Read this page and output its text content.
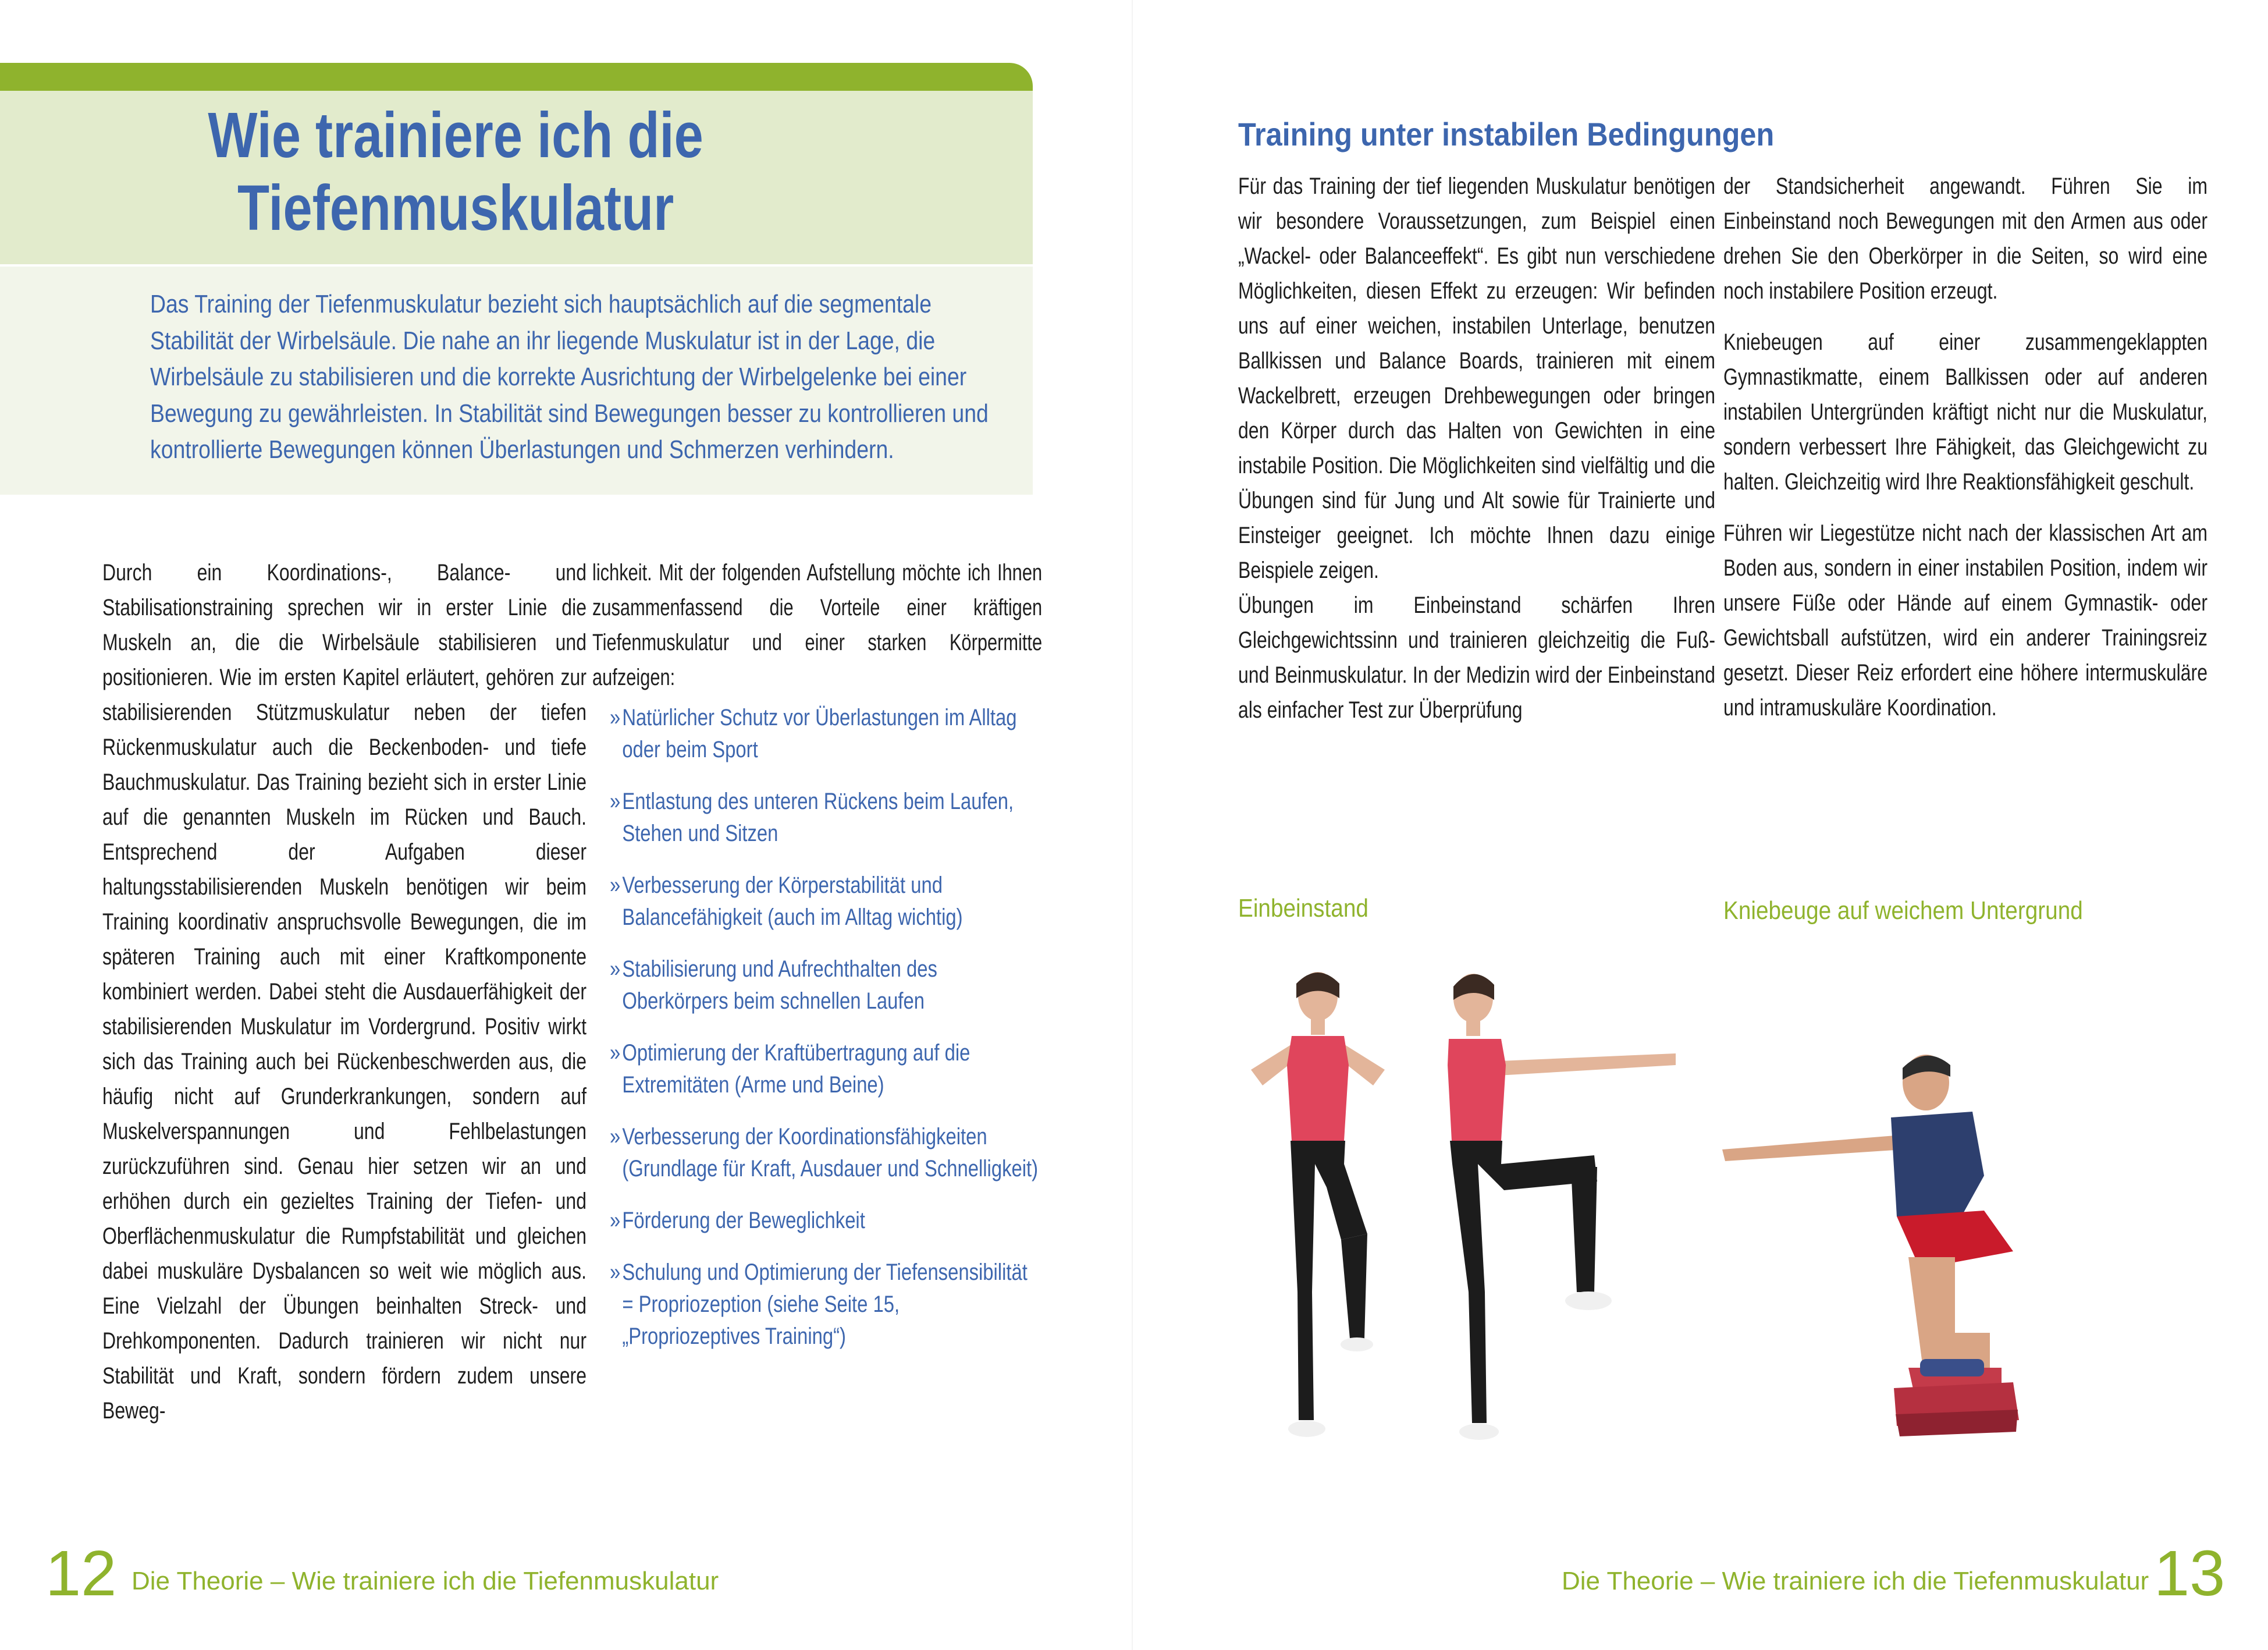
Wie trainiere ich die
Tiefenmuskulatur
Das Training der Tiefenmuskulatur bezieht sich hauptsächlich auf die segmentale Stabilität der Wirbelsäule. Die nahe an ihr liegende Muskulatur ist in der Lage, die Wirbelsäule zu stabilisieren und die korrekte Ausrichtung der Wirbelgelenke bei einer Bewegung zu gewährleisten. In Stabilität sind Bewegungen besser zu kontrollieren und kontrollierte Bewegungen können Überlastungen und Schmerzen verhindern.
Durch ein Koordinations-, Balance- und Stabilisationstraining sprechen wir in erster Linie die Muskeln an, die die Wirbelsäule stabilisieren und positionieren. Wie im ersten Kapitel erläutert, gehören zur stabilisierenden Stützmuskulatur neben der tiefen Rückenmuskulatur auch die Beckenboden- und tiefe Bauchmuskulatur. Das Training bezieht sich in erster Linie auf die genannten Muskeln im Rücken und Bauch. Entsprechend der Aufgaben dieser haltungsstabilisierenden Muskeln benötigen wir beim Training koordinativ anspruchsvolle Bewegungen, die im späteren Training auch mit einer Kraftkomponente kombiniert werden. Dabei steht die Ausdauerfähigkeit der stabilisierenden Muskulatur im Vordergrund. Positiv wirkt sich das Training auch bei Rückenbeschwerden aus, die häufig nicht auf Grunderkrankungen, sondern auf Muskelverspannungen und Fehlbelastungen zurückzuführen sind. Genau hier setzen wir an und erhöhen durch ein gezieltes Training der Tiefen- und Oberflächenmuskulatur die Rumpfstabilität und gleichen dabei muskuläre Dysbalancen so weit wie möglich aus. Eine Vielzahl der Übungen beinhalten Streck- und Drehkomponenten. Dadurch trainieren wir nicht nur Stabilität und Kraft, sondern fördern zudem unsere Beweg-
lichkeit. Mit der folgenden Aufstellung möchte ich Ihnen zusammenfassend die Vorteile einer kräftigen Tiefenmuskulatur und einer starken Körpermitte aufzeigen:
» Natürlicher Schutz vor Überlastungen im Alltag oder beim Sport
» Entlastung des unteren Rückens beim Laufen, Stehen und Sitzen
» Verbesserung der Körperstabilität und Balancefähigkeit (auch im Alltag wichtig)
» Stabilisierung und Aufrechthalten des Oberkörpers beim schnellen Laufen
» Optimierung der Kraftübertragung auf die Extremitäten (Arme und Beine)
» Verbesserung der Koordinationsfähigkeiten (Grundlage für Kraft, Ausdauer und Schnelligkeit)
» Förderung der Beweglichkeit
» Schulung und Optimierung der Tiefensensibilität = Propriozeption (siehe Seite 15, „Propriozeptives Training“)
12 Die Theorie – Wie trainiere ich die Tiefenmuskulatur
Training unter instabilen Bedingungen

Für das Training der tief liegenden Muskulatur benötigen wir besondere Voraussetzungen, zum Beispiel einen „Wackel- oder Balanceeffekt“. Es gibt nun verschiedene Möglichkeiten, diesen Effekt zu erzeugen: Wir befinden uns auf einer weichen, instabilen Unterlage, benutzen Ballkissen und Balance Boards, trainieren mit einem Wackelbrett, erzeugen Drehbewegungen oder bringen den Körper durch das Halten von Gewichten in eine instabile Position. Die Möglichkeiten sind vielfältig und die Übungen sind für Jung und Alt sowie für Trainierte und Einsteiger geeignet. Ich möchte Ihnen dazu einige Beispiele zeigen.

Übungen im Einbeinstand schärfen Ihren Gleichgewichtssinn und trainieren gleichzeitig die Fuß- und Beinmuskulatur. In der Medizin wird der Einbeinstand als einfacher Test zur Überprüfung

der Standsicherheit angewandt. Führen Sie im Einbeinstand noch Bewegungen mit den Armen aus oder drehen Sie den Oberkörper in die Seiten, so wird eine noch instabilere Position erzeugt.

Kniebeugen auf einer zusammengeklappten Gymnastikmatte, einem Ballkissen oder auf anderen instabilen Untergründen kräftigt nicht nur die Muskulatur, sondern verbessert Ihre Fähigkeit, das Gleichgewicht zu halten. Gleichzeitig wird Ihre Reaktionsfähigkeit geschult.

Führen wir Liegestütze nicht nach der klassischen Art am Boden aus, sondern in einer instabilen Position, indem wir unsere Füße oder Hände auf einem Gymnastik- oder Gewichtsball aufstützen, wird ein anderer Trainingsreiz gesetzt. Dieser Reiz erfordert eine höhere intermuskuläre und intramuskuläre Koordination.

Einbeinstand	Kniebeuge auf weichem Untergrund
13
Die Theorie – Wie trainiere ich die Tiefenmuskulatur
